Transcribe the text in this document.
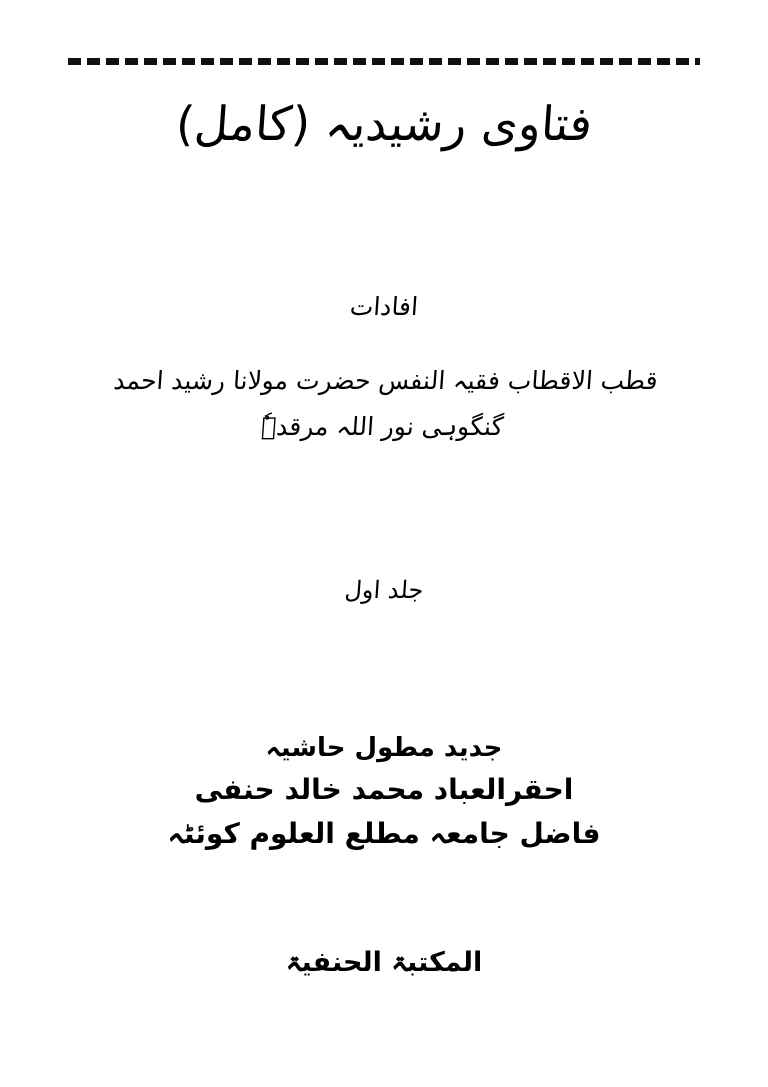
فتاوی رشیدیہ (کامل)
افادات
قطب الاقطاب فقیہ النفس حضرت مولانا رشید احمد
گنگوہی نور اللہ مرقدہٗ
جلد اول
جدید مطول حاشیہ
احقرالعباد محمد خالد حنفی
فاضل جامعہ مطلع العلوم کوئٹہ
المکتبۃ الحنفیۃ
